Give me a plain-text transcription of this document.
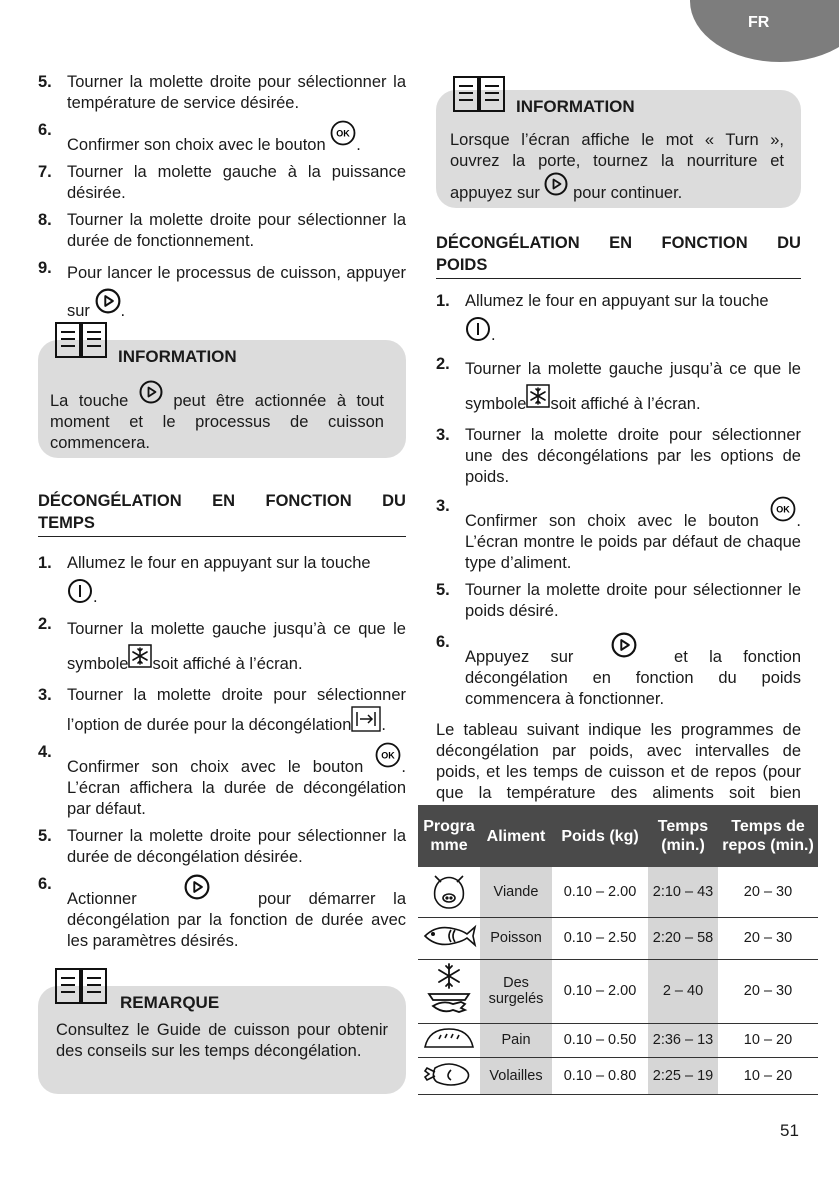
FR
5. Tourner la molette droite pour sélectionner la température de service désirée.
6.
Confirmer son choix avec le bouton .
7. Tourner la molette gauche à la puissance désirée.
8. Tourner la molette droite pour sélectionner la durée de fonctionnement.
9. Pour lancer le processus de cuisson, appuyer sur .
INFORMATION
La touche	peut être actionnée à tout moment et le processus de cuisson commencera.
DÉCONGÉLATION EN FONCTION DU
TEMPS
1. Allumez le four en appuyant sur la touche
.
2. Tourner la molette gauche jusqu’à ce que le symbole soit affiché à l’écran.
3. Tourner la molette droite pour sélectionner l’option de durée pour la décongélation .
4.
Confirmer son choix avec le bouton . L’écran affichera la durée de décongélation par défaut.
5. Tourner la molette droite pour sélectionner la durée de décongélation désirée.
6.
Actionner	pour démarrer la décongélation par la fonction de durée avec les paramètres désirés.
REMARQUE
Consultez le Guide de cuisson pour obtenir des conseils sur les temps décongélation.
INFORMATION
Lorsque l’écran affiche le mot « Turn », ouvrez la porte, tournez la nourriture et appuyez sur pour continuer.
DÉCONGÉLATION EN FONCTION DU
POIDS
1. Allumez le four en appuyant sur la touche
.
2. Tourner la molette gauche jusqu’à ce que le symbole soit affiché à l’écran.
3. Tourner la molette droite pour sélectionner une des décongélations par les options de poids.
3.
Confirmer son choix avec le bouton . L’écran montre le poids par défaut de chaque type d’aliment.
5. Tourner la molette droite pour sélectionner le poids désiré.
6.
Appuyez sur	et la fonction décongélation en fonction du poids commencera à fonctionner.
Le tableau suivant indique les programmes de décongélation par poids, avec intervalles de poids, et les temps de cuisson et de repos (pour que la température des aliments soit bien
Progra mme	Aliment	Poids (kg)	Temps (min.)	Temps de repos (min.)
	Viande	0.10 – 2.00	2:10 – 43	20 – 30
	Poisson	0.10 – 2.50	2:20 – 58	20 – 30
	Des surgelés	0.10 – 2.00	2 – 40	20 – 30
	Pain	0.10 – 0.50	2:36 – 13	10 – 20
	Volailles	0.10 – 0.80	2:25 – 19	10 – 20
51
